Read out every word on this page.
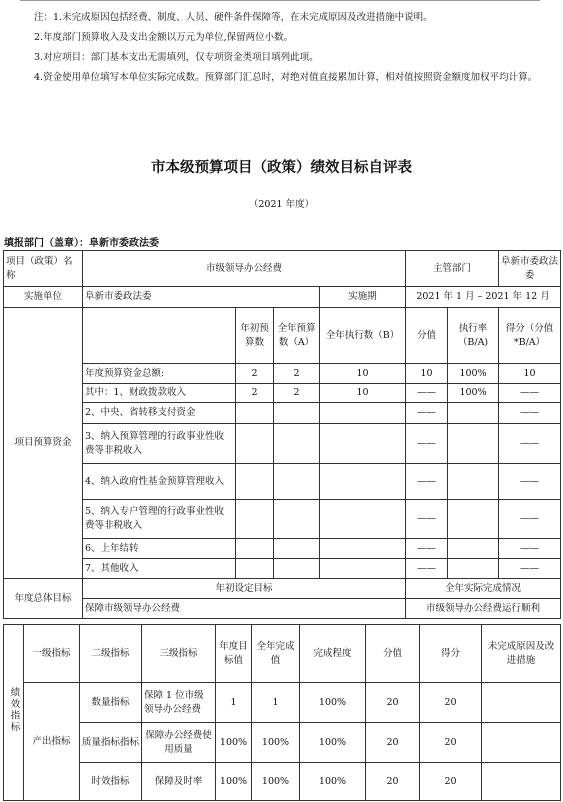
注：1.未完成原因包括经费、制度、人员、硬件条件保障等，在未完成原因及改进措施中说明。

2.年度部门预算收入及支出金额以万元为单位,保留两位小数。

3.对应项目：部门基本支出无需填列，仅专项资金类项目填列此项。

4.资金使用单位填写本单位实际完成数。预算部门汇总时，对绝对值直接累加计算，相对值按照资金额度加权平均计算。

市本级预算项目（政策）绩效目标自评表
（2021 年度）
填报部门（盖章）：阜新市委政法委
项目（政策）名称	市级领导办公经费				主管部门		阜新市委政法委
实施单位	阜新市委政法委			实施期	2021 年 1 月 – 2021 年 12 月		
项目预算资金		年初预算数	全年预算数（A）	全年执行数（B）	分值	执行率（B/A)	得分（分值*B/A）
	年度预算资金总额:	2	2	10	10	100%	10
	其中：1、财政拨款收入	2	2	10	——	100%	——
	2、中央、省转移支付资金				——		——
	3、纳入预算管理的行政事业性收费等非税收入				——		——
	4、纳入政府性基金预算管理收入				——		——
	5、纳入专户管理的行政事业性收费等非税收入				——		——
	6、上年结转				——		——
	7、其他收入				——		——
年度总体目标	年初设定目标				全年实际完成情况		
	保障市级领导办公经费				市级领导办公经费运行顺利		
绩效指标	一级指标	二级指标	三级指标	年度目标值	全年完成值	完成程度	分值	得分	未完成原因及改进措施
	产出指标	数量指标	保障 1 位市级领导办公经费	1	1	100%	20	20	
		质量指标指标	保障办公经费使用质量	100%	100%	100%	20	20	
		时效指标	保障及时率	100%	100%	100%	20	20	
